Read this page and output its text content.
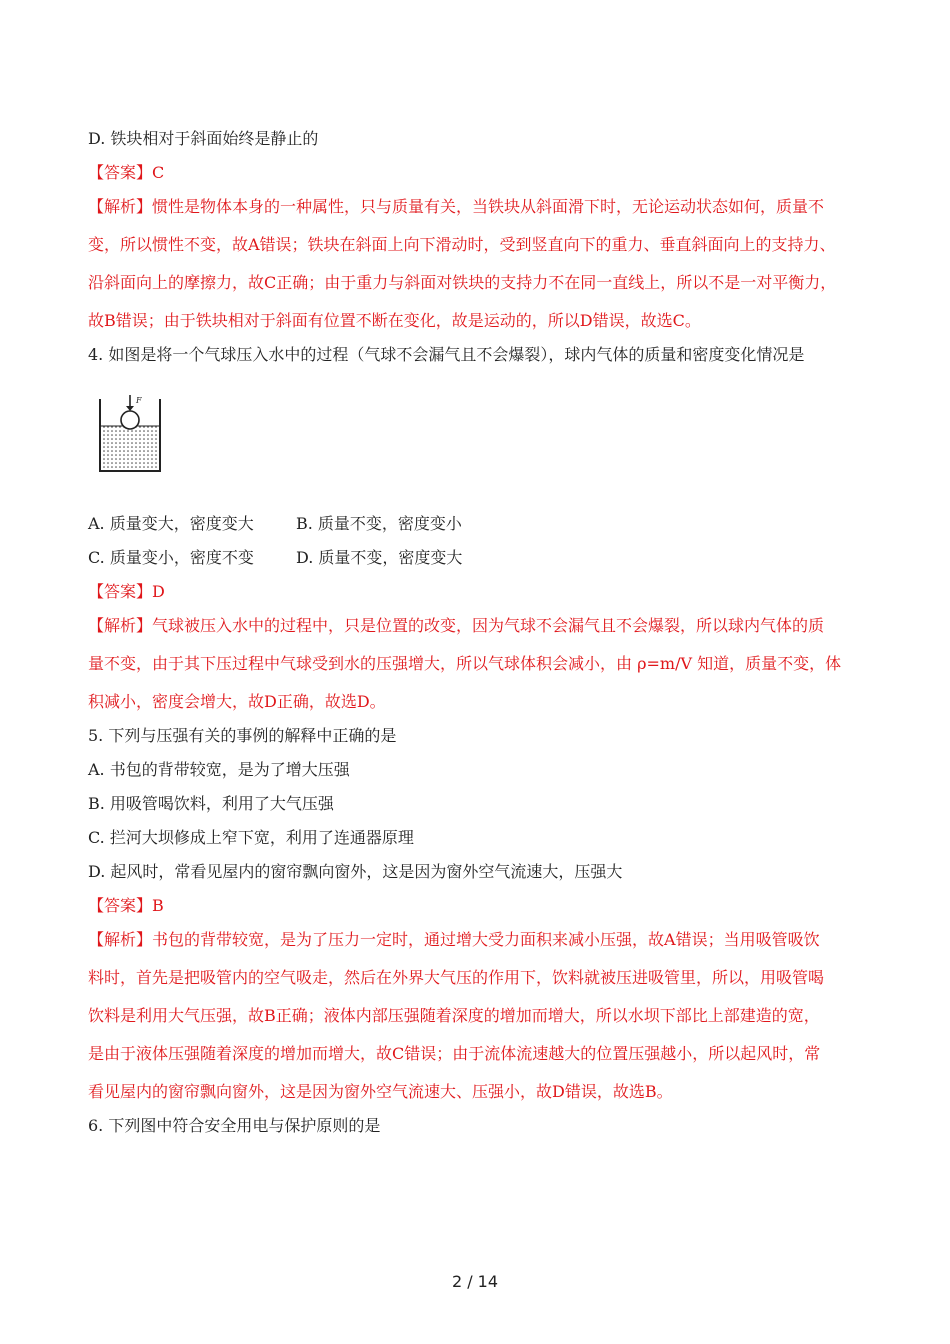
D. 铁块相对于斜面始终是静止的
【答案】C
【解析】惯性是物体本身的一种属性，只与质量有关，当铁块从斜面滑下时，无论运动状态如何，质量不
变，所以惯性不变，故A错误；铁块在斜面上向下滑动时，受到竖直向下的重力、垂直斜面向上的支持力、
沿斜面向上的摩擦力，故C正确；由于重力与斜面对铁块的支持力不在同一直线上，所以不是一对平衡力，
故B错误；由于铁块相对于斜面有位置不断在变化，故是运动的，所以D错误，故选C。
4. 如图是将一个气球压入水中的过程（气球不会漏气且不会爆裂），球内气体的质量和密度变化情况是
F
A. 质量变大，密度变大	B. 质量不变，密度变小
C. 质量变小，密度不变	D. 质量不变，密度变大
【答案】D
【解析】气球被压入水中的过程中，只是位置的改变，因为气球不会漏气且不会爆裂，所以球内气体的质
量不变，由于其下压过程中气球受到水的压强增大，所以气球体积会减小，由 ρ=m/V 知道，质量不变，体
积减小，密度会增大，故D正确，故选D。
5. 下列与压强有关的事例的解释中正确的是
A. 书包的背带较宽，是为了增大压强
B. 用吸管喝饮料，利用了大气压强
C. 拦河大坝修成上窄下宽，利用了连通器原理
D. 起风时，常看见屋内的窗帘飘向窗外，这是因为窗外空气流速大，压强大
【答案】B
【解析】书包的背带较宽，是为了压力一定时，通过增大受力面积来减小压强，故A错误；当用吸管吸饮
料时，首先是把吸管内的空气吸走，然后在外界大气压的作用下，饮料就被压进吸管里，所以，用吸管喝
饮料是利用大气压强，故B正确；液体内部压强随着深度的增加而增大，所以水坝下部比上部建造的宽，
是由于液体压强随着深度的增加而增大，故C错误；由于流体流速越大的位置压强越小，所以起风时，常
看见屋内的窗帘飘向窗外，这是因为窗外空气流速大、压强小，故D错误，故选B。
6. 下列图中符合安全用电与保护原则的是
2 / 14
